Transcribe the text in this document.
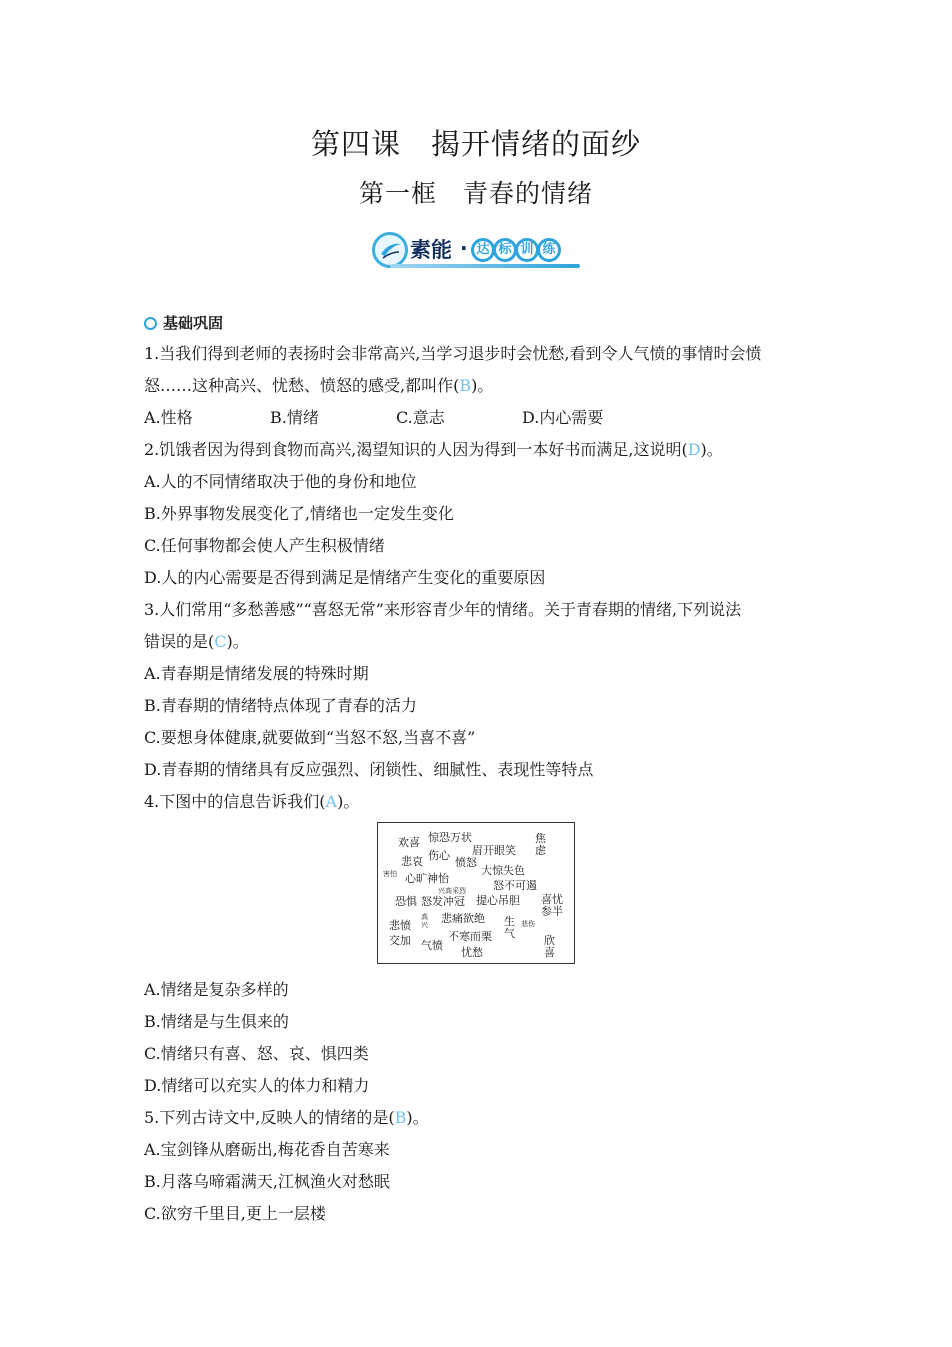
第四课　揭开情绪的面纱
第一框　青春的情绪
素能 · 达 标 训 练
基础巩固
1.当我们得到老师的表扬时会非常高兴,当学习退步时会忧愁,看到令人气愤的事情时会愤
怒……这种高兴、忧愁、愤怒的感受,都叫作(B)。
A.性格	B.情绪	C.意志	D.内心需要
2.饥饿者因为得到食物而高兴,渴望知识的人因为得到一本好书而满足,这说明(D)。
A.人的不同情绪取决于他的身份和地位
B.外界事物发展变化了,情绪也一定发生变化
C.任何事物都会使人产生积极情绪
D.人的内心需要是否得到满足是情绪产生变化的重要原因
3.人们常用“多愁善感”“喜怒无常”来形容青少年的情绪。关于青春期的情绪,下列说法
错误的是(C)。
A.青春期是情绪发展的特殊时期
B.青春期的情绪特点体现了青春的活力
C.要想身体健康,就要做到“当怒不怒,当喜不喜”
D.青春期的情绪具有反应强烈、闭锁性、细腻性、表现性等特点
4.下图中的信息告诉我们(A)。
欢喜 惊恐万状	焦虑
眉开眼笑
悲哀 伤心
愤怒
大惊失色
害怕 心旷神怡
怒不可遏
兴高采烈
恐惧 怒发冲冠 提心吊胆 喜忧参半
悲愤交加
高兴 悲痛欲绝 生气
悲伤
欣喜
气愤
不寒而栗
忧愁
A.情绪是复杂多样的
B.情绪是与生俱来的
C.情绪只有喜、怒、哀、惧四类
D.情绪可以充实人的体力和精力
5.下列古诗文中,反映人的情绪的是(B)。
A.宝剑锋从磨砺出,梅花香自苦寒来
B.月落乌啼霜满天,江枫渔火对愁眠
C.欲穷千里目,更上一层楼
